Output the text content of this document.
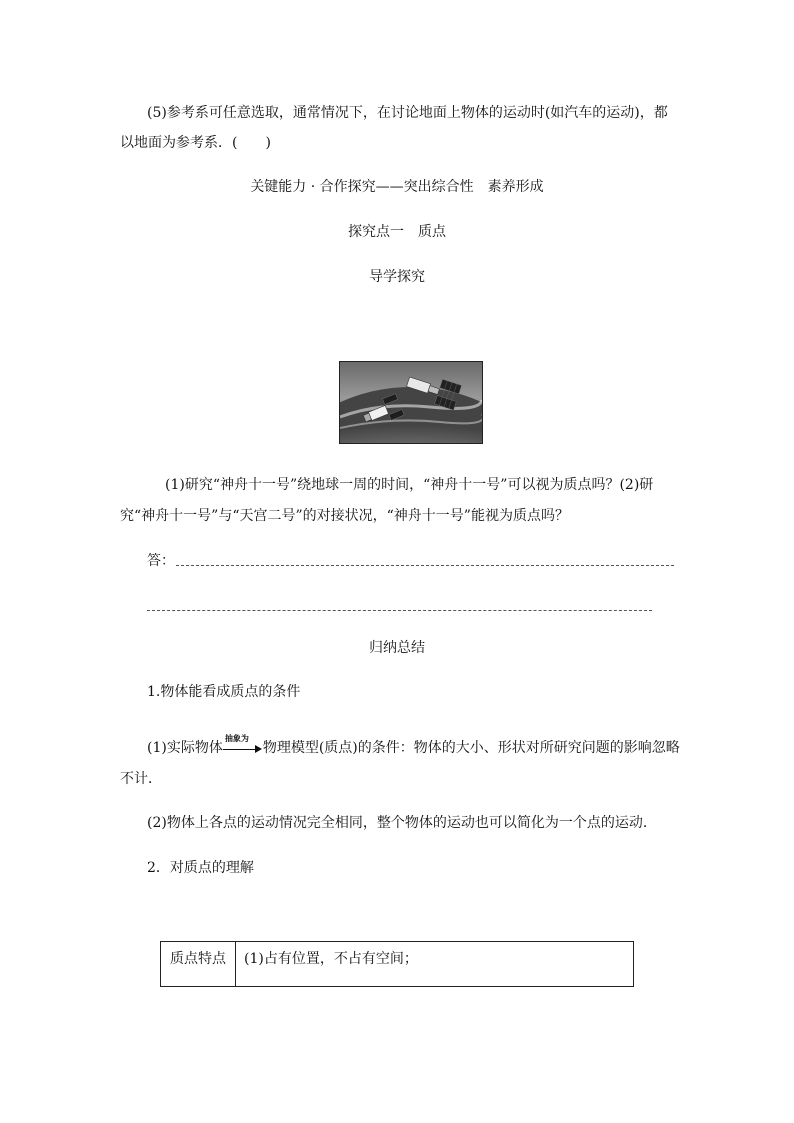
(5)参考系可任意选取，通常情况下，在讨论地面上物体的运动时(如汽车的运动)，都
以地面为参考系．(　　)
关键能力 · 合作探究——突出综合性　素养形成
探究点一　质点
导学探究
(1)研究“神舟十一号”绕地球一周的时间，“神舟十一号”可以视为质点吗？(2)研
究“神舟十一号”与“天宫二号”的对接状况，“神舟十一号”能视为质点吗？
答：
归纳总结
1.物体能看成质点的条件
(1)实际物体
抽象为
物理模型(质点)的条件：物体的大小、形状对所研究问题的影响忽略
不计．
(2)物体上各点的运动情况完全相同，整个物体的运动也可以简化为一个点的运动．
2．对质点的理解
质点特点	(1)占有位置，不占有空间；
